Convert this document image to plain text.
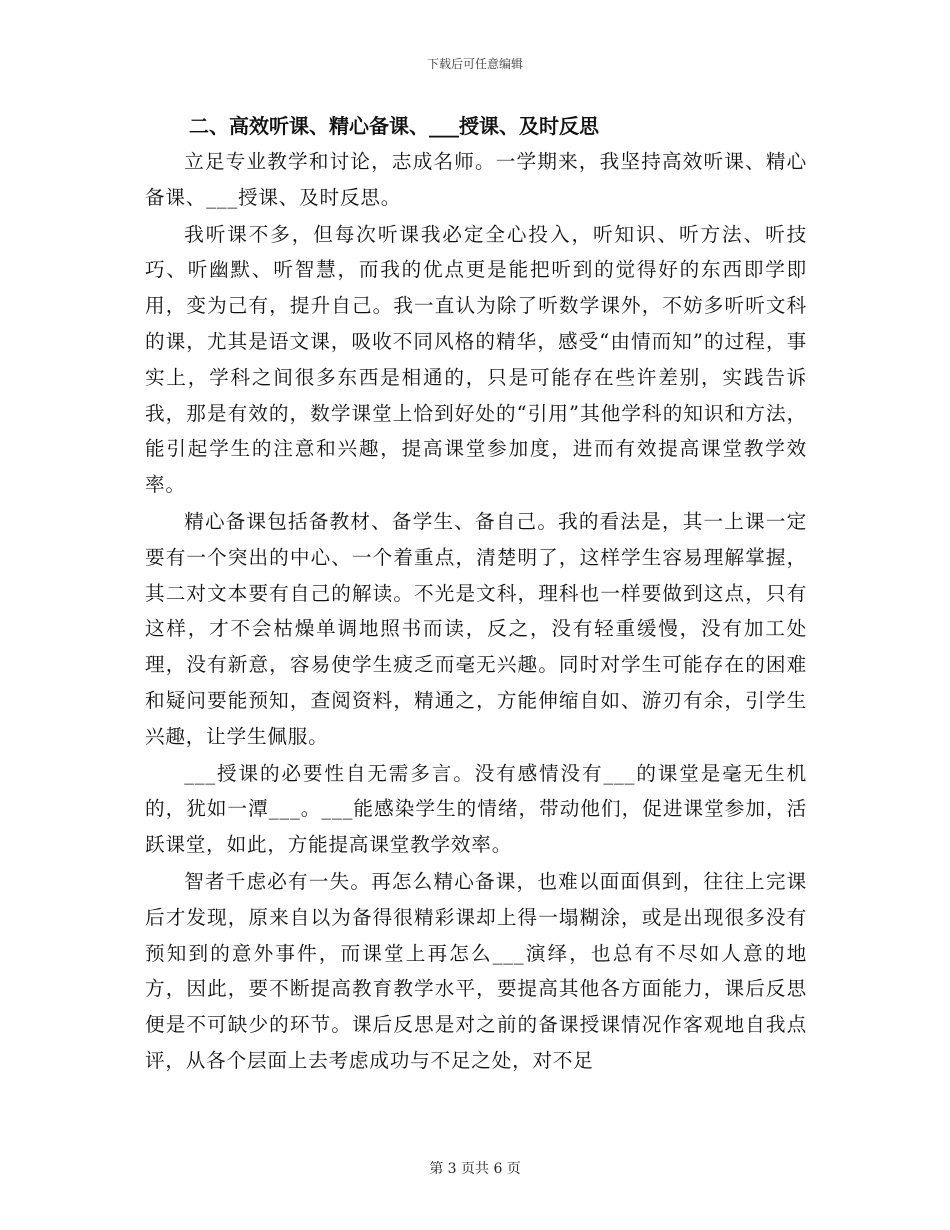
下载后可任意编辑
二、高效听课、精心备课、___授课、及时反思

立足专业教学和讨论，志成名师。一学期来，我坚持高效听课、精心备课、___授课、及时反思。

我听课不多，但每次听课我必定全心投入，听知识、听方法、听技巧、听幽默、听智慧，而我的优点更是能把听到的觉得好的东西即学即用，变为己有，提升自己。我一直认为除了听数学课外，不妨多听听文科的课，尤其是语文课，吸收不同风格的精华，感受“由情而知”的过程，事实上，学科之间很多东西是相通的，只是可能存在些许差别，实践告诉我，那是有效的，数学课堂上恰到好处的“引用”其他学科的知识和方法，能引起学生的注意和兴趣，提高课堂参加度，进而有效提高课堂教学效率。

精心备课包括备教材、备学生、备自己。我的看法是，其一上课一定要有一个突出的中心、一个着重点，清楚明了，这样学生容易理解掌握，其二对文本要有自己的解读。不光是文科，理科也一样要做到这点，只有这样，才不会枯燥单调地照书而读，反之，没有轻重缓慢，没有加工处理，没有新意，容易使学生疲乏而毫无兴趣。同时对学生可能存在的困难和疑问要能预知，查阅资料，精通之，方能伸缩自如、游刃有余，引学生兴趣，让学生佩服。

___授课的必要性自无需多言。没有感情没有___的课堂是毫无生机的，犹如一潭___。___能感染学生的情绪，带动他们，促进课堂参加，活跃课堂，如此，方能提高课堂教学效率。

智者千虑必有一失。再怎么精心备课，也难以面面俱到，往往上完课后才发现，原来自以为备得很精彩课却上得一塌糊涂，或是出现很多没有预知到的意外事件，而课堂上再怎么___演绎，也总有不尽如人意的地方，因此，要不断提高教育教学水平，要提高其他各方面能力，课后反思便是不可缺少的环节。课后反思是对之前的备课授课情况作客观地自我点评，从各个层面上去考虑成功与不足之处，对不足

第 3 页共 6 页
